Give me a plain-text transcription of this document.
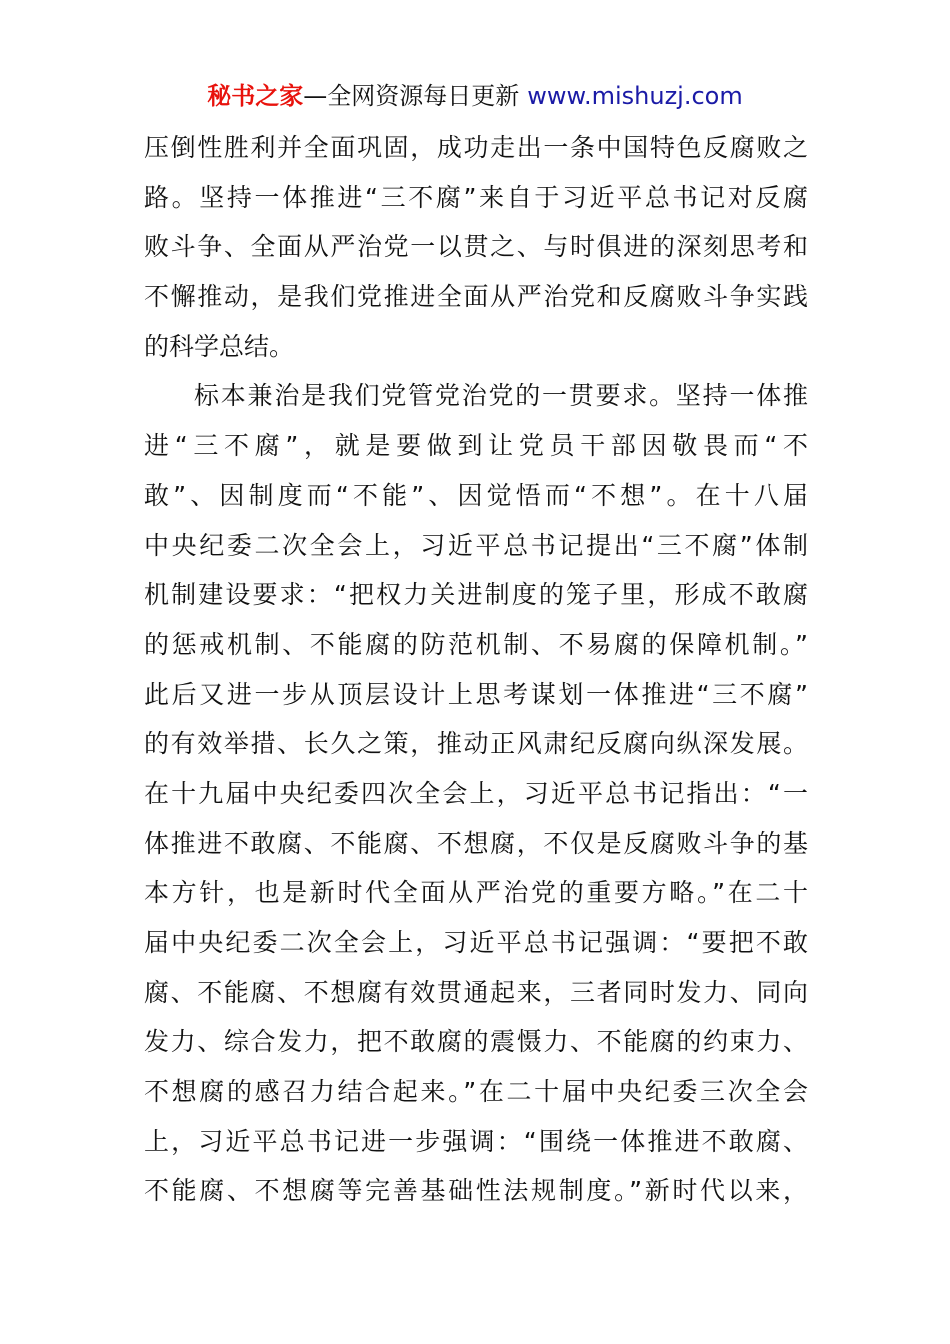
秘书之家—全网资源每日更新 www.mishuzj.com
压倒性胜利并全面巩固，成功走出一条中国特色反腐败之
路。坚持一体推进“三不腐”来自于习近平总书记对反腐
败斗争、全面从严治党一以贯之、与时俱进的深刻思考和
不懈推动，是我们党推进全面从严治党和反腐败斗争实践
的科学总结。
标本兼治是我们党管党治党的一贯要求。坚持一体推
进“三不腐”，就是要做到让党员干部因敬畏而“不
敢”、因制度而“不能”、因觉悟而“不想”。在十八届
中央纪委二次全会上，习近平总书记提出“三不腐”体制
机制建设要求：“把权力关进制度的笼子里，形成不敢腐
的惩戒机制、不能腐的防范机制、不易腐的保障机制。”
此后又进一步从顶层设计上思考谋划一体推进“三不腐”
的有效举措、长久之策，推动正风肃纪反腐向纵深发展。
在十九届中央纪委四次全会上，习近平总书记指出：“一
体推进不敢腐、不能腐、不想腐，不仅是反腐败斗争的基
本方针，也是新时代全面从严治党的重要方略。”在二十
届中央纪委二次全会上，习近平总书记强调：“要把不敢
腐、不能腐、不想腐有效贯通起来，三者同时发力、同向
发力、综合发力，把不敢腐的震慑力、不能腐的约束力、
不想腐的感召力结合起来。”在二十届中央纪委三次全会
上，习近平总书记进一步强调：“围绕一体推进不敢腐、
不能腐、不想腐等完善基础性法规制度。”新时代以来，
